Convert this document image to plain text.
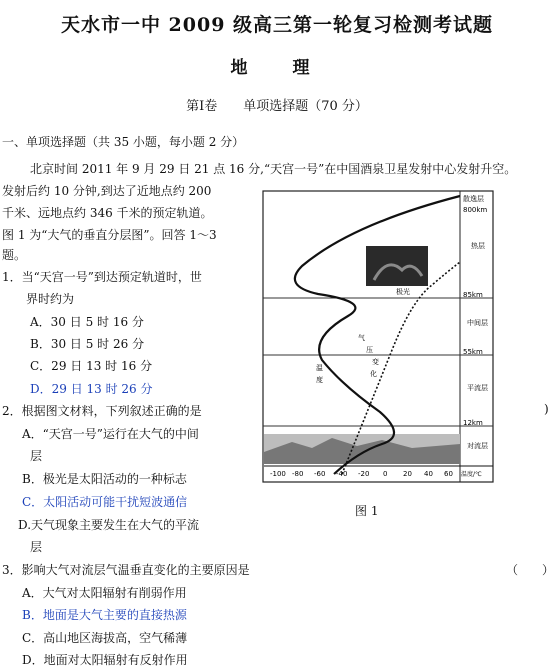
天水市一中 2009 级高三第一轮复习检测考试题
地　理
第Ⅰ卷　　单项选择题（70 分）
一、单项选择题（共 35 小题，每小题 2 分）
北京时间 2011 年 9 月 29 日 21 点 16 分,“天宫一号”在中国酒泉卫星发射中心发射升空。
发射后约 10 分钟,到达了近地点约 200
千米、远地点约 346 千米的预定轨道。
图 1 为“大气的垂直分层图”。回答 1～3
题。
1．当“天宫一号”到达预定轨道时，世
界时约为
A．30 日 5 时 16 分
B．30 日 5 时 26 分
C．29 日 13 时 16 分
D．29 日 13 时 26 分
2．根据图文材料，下列叙述正确的是	)
A．“天宫一号”运行在大气的中间
层
B．极光是太阳活动的一种标志
C．太阳活动可能干扰短波通信
D.天气现象主要发生在大气的平流
层
3．影响大气对流层气温垂直变化的主要原因是	（　　）
A．大气对太阳辐射有削弱作用
B．地面是大气主要的直接热源
C．高山地区海拔高，空气稀薄
D．地面对太阳辐射有反射作用
-100 -80 -60 -40 -20 0 20 40 60 温度/℃
散逸层
800km
85km
55km
12km
热层
中间层
平流层
对流层
极光
温
度
气
压
变
化
图 1
